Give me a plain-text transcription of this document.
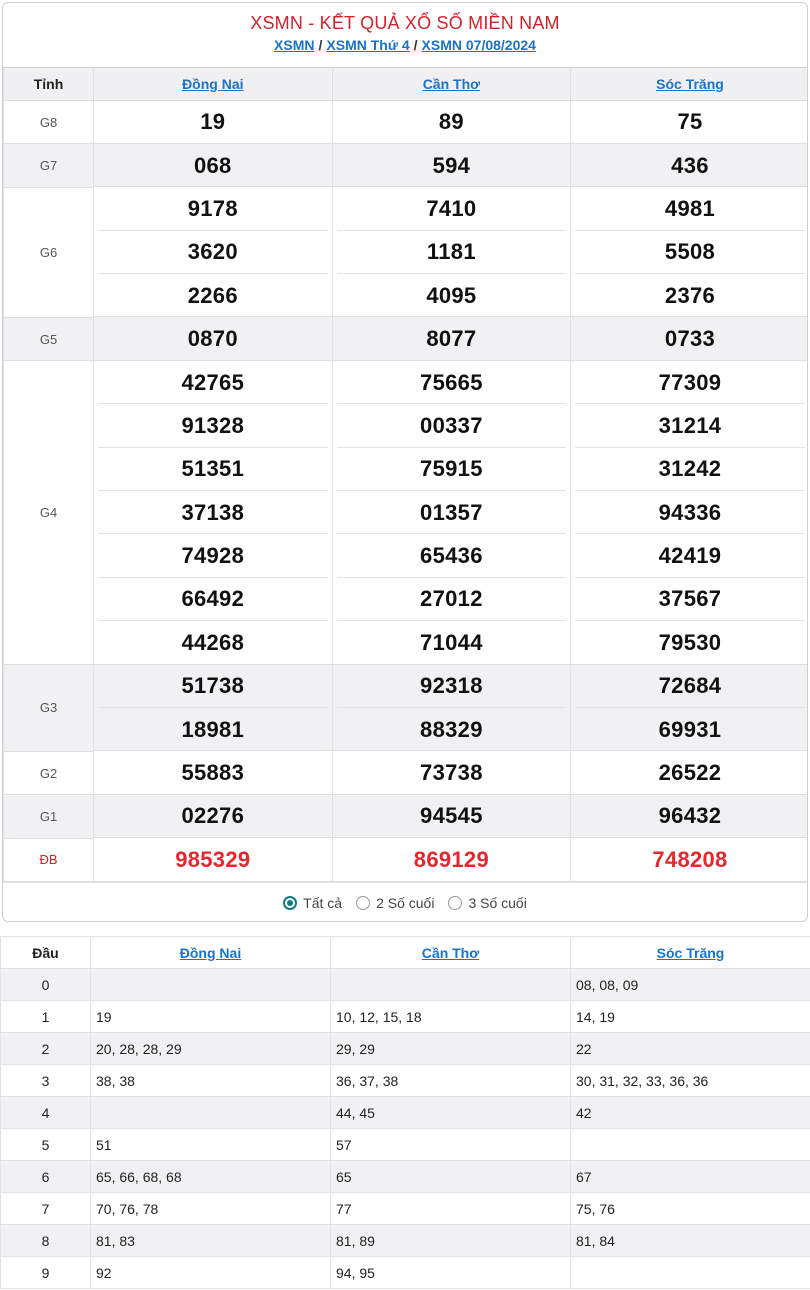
XSMN - KẾT QUẢ XỔ SỐ MIỀN NAM
XSMN / XSMN Thứ 4 / XSMN 07/08/2024
Tỉnh	Đồng Nai	Cần Thơ	Sóc Trăng
G8	19	89	75
G7	068	594	436
G6	9178	7410	4981
	3620	1181	5508
	2266	4095	2376
G5	0870	8077	0733
G4	42765	75665	77309
	91328	00337	31214
	51351	75915	31242
	37138	01357	94336
	74928	65436	42419
	66492	27012	37567
	44268	71044	79530
G3	51738	92318	72684
	18981	88329	69931
G2	55883	73738	26522
G1	02276	94545	96432
ĐB	985329	869129	748208
Tất cả 2 Số cuối 3 Số cuối
Đầu	Đồng Nai	Cần Thơ	Sóc Trăng
0			08, 08, 09
1	19	10, 12, 15, 18	14, 19
2	20, 28, 28, 29	29, 29	22
3	38, 38	36, 37, 38	30, 31, 32, 33, 36, 36
4		44, 45	42
5	51	57	
6	65, 66, 68, 68	65	67
7	70, 76, 78	77	75, 76
8	81, 83	81, 89	81, 84
9	92	94, 95	
